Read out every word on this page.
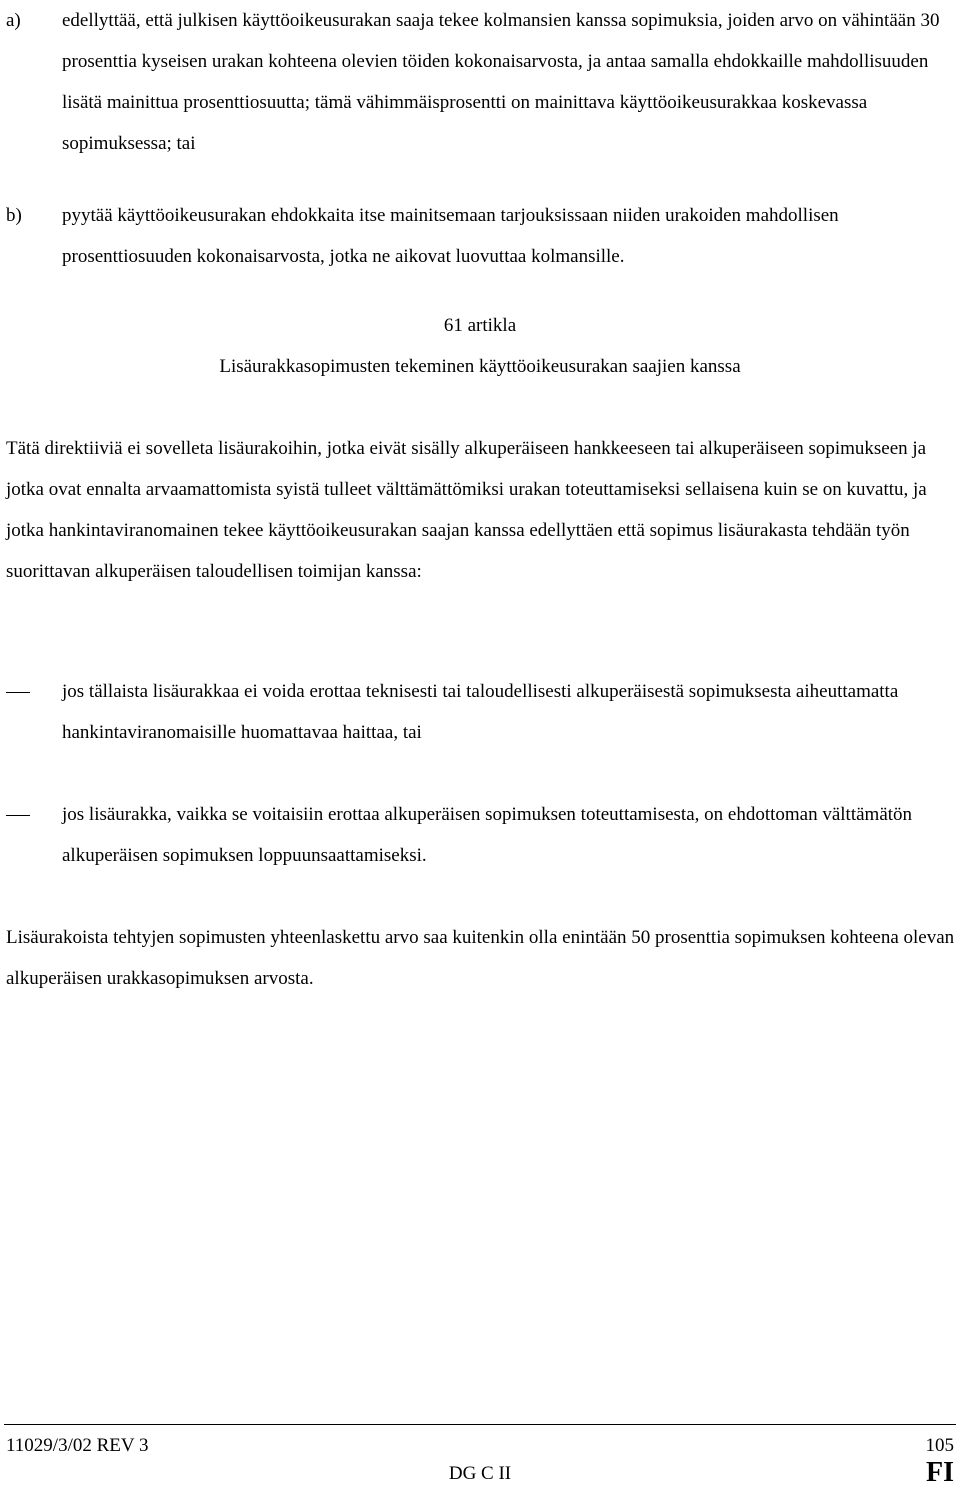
a) edellyttää, että julkisen käyttöoikeusurakan saaja tekee kolmansien kanssa sopimuksia, joiden arvo on vähintään 30 prosenttia kyseisen urakan kohteena olevien töiden kokonaisarvosta, ja antaa samalla ehdokkaille mahdollisuuden lisätä mainittua prosenttiosuutta; tämä vähimmäisprosentti on mainittava käyttöoikeusurakkaa koskevassa sopimuksessa; tai
b) pyytää käyttöoikeusurakan ehdokkaita itse mainitsemaan tarjouksissaan niiden urakoiden mahdollisen prosenttiosuuden kokonaisarvosta, jotka ne aikovat luovuttaa kolmansille.
61 artikla
Lisäurakkasopimusten tekeminen käyttöoikeusurakan saajien kanssa
Tätä direktiiviä ei sovelleta lisäurakoihin, jotka eivät sisälly alkuperäiseen hankkeeseen tai alkuperäiseen sopimukseen ja jotka ovat ennalta arvaamattomista syistä tulleet välttämättömiksi urakan toteuttamiseksi sellaisena kuin se on kuvattu, ja jotka hankintaviranomainen tekee käyttöoikeusurakan saajan kanssa edellyttäen että sopimus lisäurakasta tehdään työn suorittavan alkuperäisen taloudellisen toimijan kanssa:
jos tällaista lisäurakkaa ei voida erottaa teknisesti tai taloudellisesti alkuperäisestä sopimuksesta aiheuttamatta hankintaviranomaisille huomattavaa haittaa, tai
jos lisäurakka, vaikka se voitaisiin erottaa alkuperäisen sopimuksen toteuttamisesta, on ehdottoman välttämätön alkuperäisen sopimuksen loppuunsaattamiseksi.
Lisäurakoista tehtyjen sopimusten yhteenlaskettu arvo saa kuitenkin olla enintään 50 prosenttia sopimuksen kohteena olevan alkuperäisen urakkasopimuksen arvosta.
11029/3/02 REV 3	105
DG C II	FI
